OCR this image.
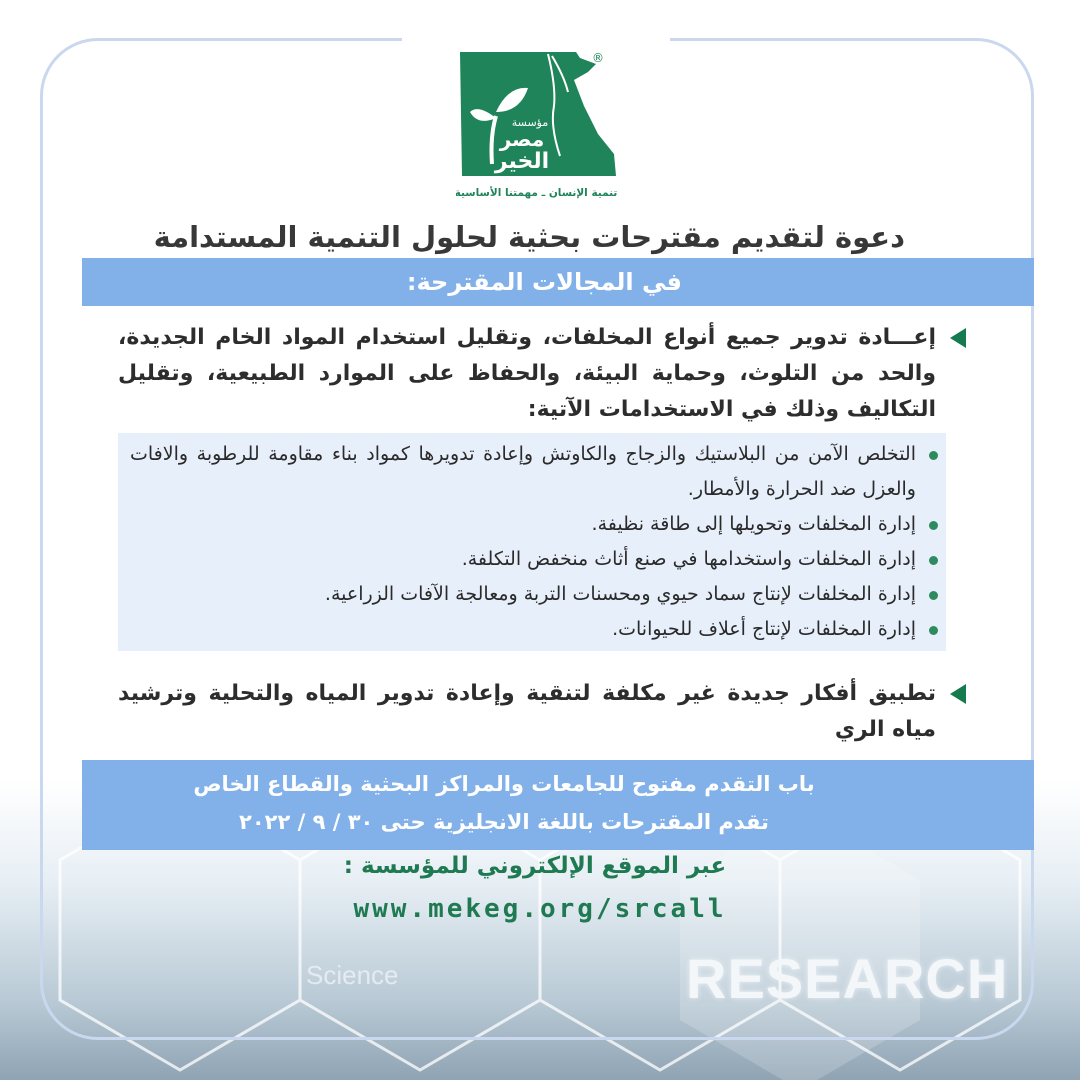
مؤسسة
مصر
الخير
®
تنمية الإنسان ـ مهمتنا الأساسية
دعوة لتقديم مقترحات بحثية لحلول التنمية المستدامة
في المجالات المقترحة:
إعـــادة تدوير جميع أنواع المخلفات، وتقليل استخدام المواد الخام الجديدة، والحد من التلوث، وحماية البيئة، والحفاظ على الموارد الطبيعية، وتقليل التكاليف وذلك في الاستخدامات الآتية:
التخلص الآمن من البلاستيك والزجاج والكاوتش وإعادة تدويرها كمواد بناء مقاومة للرطوبة والافات والعزل ضد الحرارة والأمطار.
إدارة المخلفات وتحويلها إلى طاقة نظيفة.
إدارة المخلفات واستخدامها في صنع أثاث منخفض التكلفة.
إدارة المخلفات لإنتاج سماد حيوي ومحسنات التربة ومعالجة الآفات الزراعية.
إدارة المخلفات لإنتاج أعلاف للحيوانات.
تطبيق أفكار جديدة غير مكلفة لتنقية وإعادة تدوير المياه والتحلية وترشيد مياه الري
باب التقدم مفتوح للجامعات والمراكز البحثية والقطاع الخاص
تقدم المقترحات باللغة الانجليزية حتى ٣٠ / ٩ / ٢٠٢٢
عبر الموقع الإلكتروني للمؤسسة :
www.mekeg.org/srcall
Science	RESEARCH
